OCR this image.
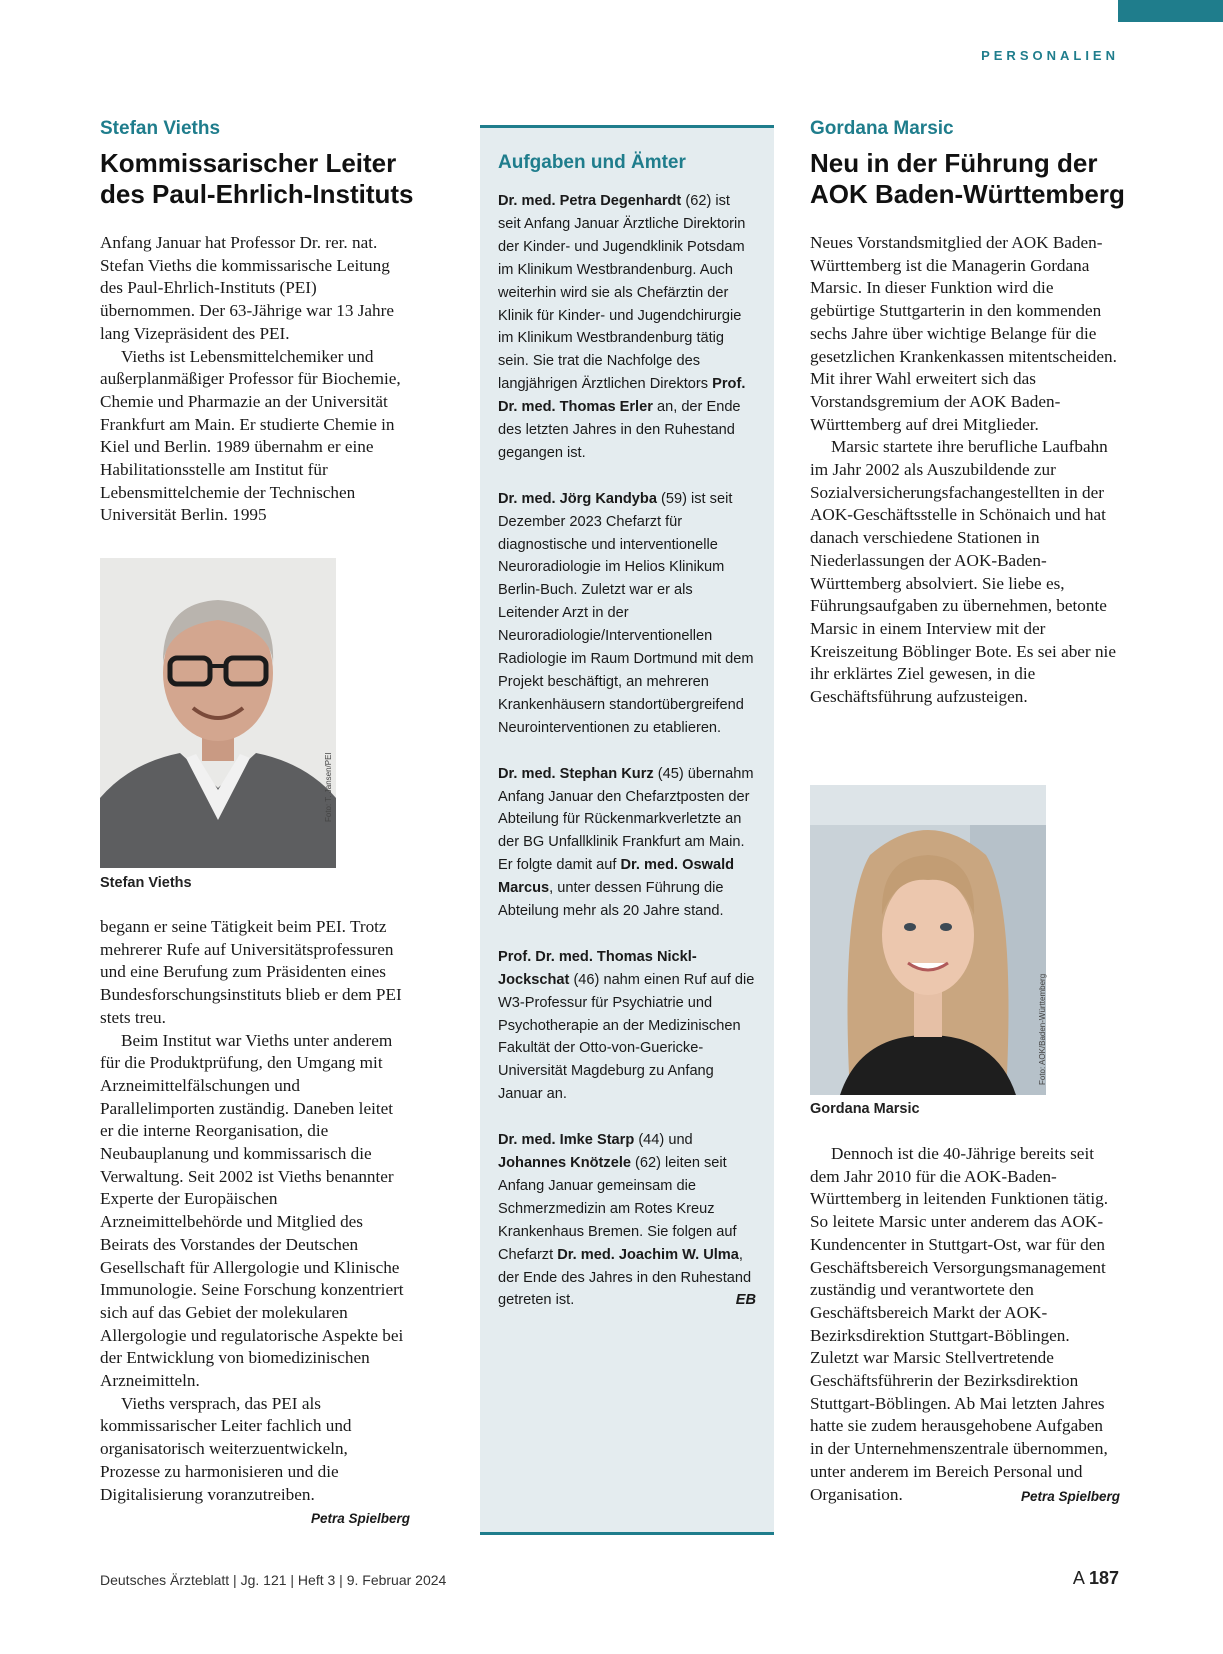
PERSONALIEN
Stefan Vieths
Kommissarischer Leiter
des Paul-Ehrlich-Instituts

Anfang Januar hat Professor Dr. rer. nat. Stefan Vieths die kommissarische Leitung des Paul-Ehrlich-Instituts (PEI) übernommen. Der 63-Jährige war 13 Jahre lang Vizepräsident des PEI.

Vieths ist Lebensmittelchemiker und außerplanmäßiger Professor für Biochemie, Chemie und Pharmazie an der Universität Frankfurt am Main. Er studierte Chemie in Kiel und Berlin. 1989 übernahm er eine Habilitationsstelle am Institut für Lebensmittelchemie der Technischen Universität Berlin. 1995

Foto: T. Jansen/PEI
Stefan Vieths

begann er seine Tätigkeit beim PEI. Trotz mehrerer Rufe auf Universitätsprofessuren und eine Berufung zum Präsidenten eines Bundesforschungsinstituts blieb er dem PEI stets treu.

Beim Institut war Vieths unter anderem für die Produktprüfung, den Umgang mit Arzneimittelfälschungen und Parallelimporten zuständig. Daneben leitet er die interne Reorganisation, die Neubauplanung und kommissarisch die Verwaltung. Seit 2002 ist Vieths benannter Experte der Europäischen Arzneimittelbehörde und Mitglied des Beirats des Vorstandes der Deutschen Gesellschaft für Allergologie und Klinische Immunologie. Seine Forschung konzentriert sich auf das Gebiet der molekularen Allergologie und regulatorische Aspekte bei der Entwicklung von biomedizinischen Arzneimitteln.

Vieths versprach, das PEI als kommissarischer Leiter fachlich und organisatorisch weiterzuentwickeln, Prozesse zu harmonisieren und die Digitalisierung voranzutreiben.
Petra Spielberg

Aufgaben und Ämter

Dr. med. Petra Degenhardt (62) ist seit Anfang Januar Ärztliche Direktorin der Kinder- und Jugendklinik Potsdam im Klinikum Westbrandenburg. Auch weiterhin wird sie als Chefärztin der Klinik für Kinder- und Jugendchirurgie im Klinikum Westbrandenburg tätig sein. Sie trat die Nachfolge des langjährigen Ärztlichen Direktors Prof. Dr. med. Thomas Erler an, der Ende des letzten Jahres in den Ruhestand gegangen ist.

Dr. med. Jörg Kandyba (59) ist seit Dezember 2023 Chefarzt für diagnostische und interventionelle Neuroradiologie im Helios Klinikum Berlin-Buch. Zuletzt war er als Leitender Arzt in der Neuroradiologie/Interventionellen Radiologie im Raum Dortmund mit dem Projekt beschäftigt, an mehreren Krankenhäusern standortübergreifend Neurointerventionen zu etablieren.

Dr. med. Stephan Kurz (45) übernahm Anfang Januar den Chefarztposten der Abteilung für Rückenmarkverletzte an der BG Unfallklinik Frankfurt am Main. Er folgte damit auf Dr. med. Oswald Marcus, unter dessen Führung die Abteilung mehr als 20 Jahre stand.

Prof. Dr. med. Thomas Nickl-Jockschat (46) nahm einen Ruf auf die W3-Professur für Psychiatrie und Psychotherapie an der Medizinischen Fakultät der Otto-von-Guericke-Universität Magdeburg zu Anfang Januar an.

Dr. med. Imke Starp (44) und Johannes Knötzele (62) leiten seit Anfang Januar gemeinsam die Schmerzmedizin am Rotes Kreuz Krankenhaus Bremen. Sie folgen auf Chefarzt Dr. med. Joachim W. Ulma, der Ende des Jahres in den Ruhestand getreten ist.	EB

Gordana Marsic
Neu in der Führung der
AOK Baden-Württemberg

Neues Vorstandsmitglied der AOK Baden-Württemberg ist die Managerin Gordana Marsic. In dieser Funktion wird die gebürtige Stuttgarterin in den kommenden sechs Jahre über wichtige Belange für die gesetzlichen Krankenkassen mitentscheiden. Mit ihrer Wahl erweitert sich das Vorstandsgremium der AOK Baden-Württemberg auf drei Mitglieder.

Marsic startete ihre berufliche Laufbahn im Jahr 2002 als Auszubildende zur Sozialversicherungsfachangestellten in der AOK-Geschäftsstelle in Schönaich und hat danach verschiedene Stationen in Niederlassungen der AOK-Baden-Württemberg absolviert. Sie liebe es, Führungsaufgaben zu übernehmen, betonte Marsic in einem Interview mit der Kreiszeitung Böblinger Bote. Es sei aber nie ihr erklärtes Ziel gewesen, in die Geschäftsführung aufzusteigen.

Foto: AOK/Baden-Württemberg
Gordana Marsic

Dennoch ist die 40-Jährige bereits seit dem Jahr 2010 für die AOK-Baden-Württemberg in leitenden Funktionen tätig. So leitete Marsic unter anderem das AOK-Kundencenter in Stuttgart-Ost, war für den Geschäftsbereich Versorgungsmanagement zuständig und verantwortete den Geschäftsbereich Markt der AOK-Bezirksdirektion Stuttgart-Böblingen. Zuletzt war Marsic Stellvertretende Geschäftsführerin der Bezirksdirektion Stuttgart-Böblingen. Ab Mai letzten Jahres hatte sie zudem herausgehobene Aufgaben in der Unternehmenszentrale übernommen, unter anderem im Bereich Personal und Organisation.	Petra Spielberg

Deutsches Ärzteblatt | Jg. 121 | Heft 3 | 9. Februar 2024	A 187
